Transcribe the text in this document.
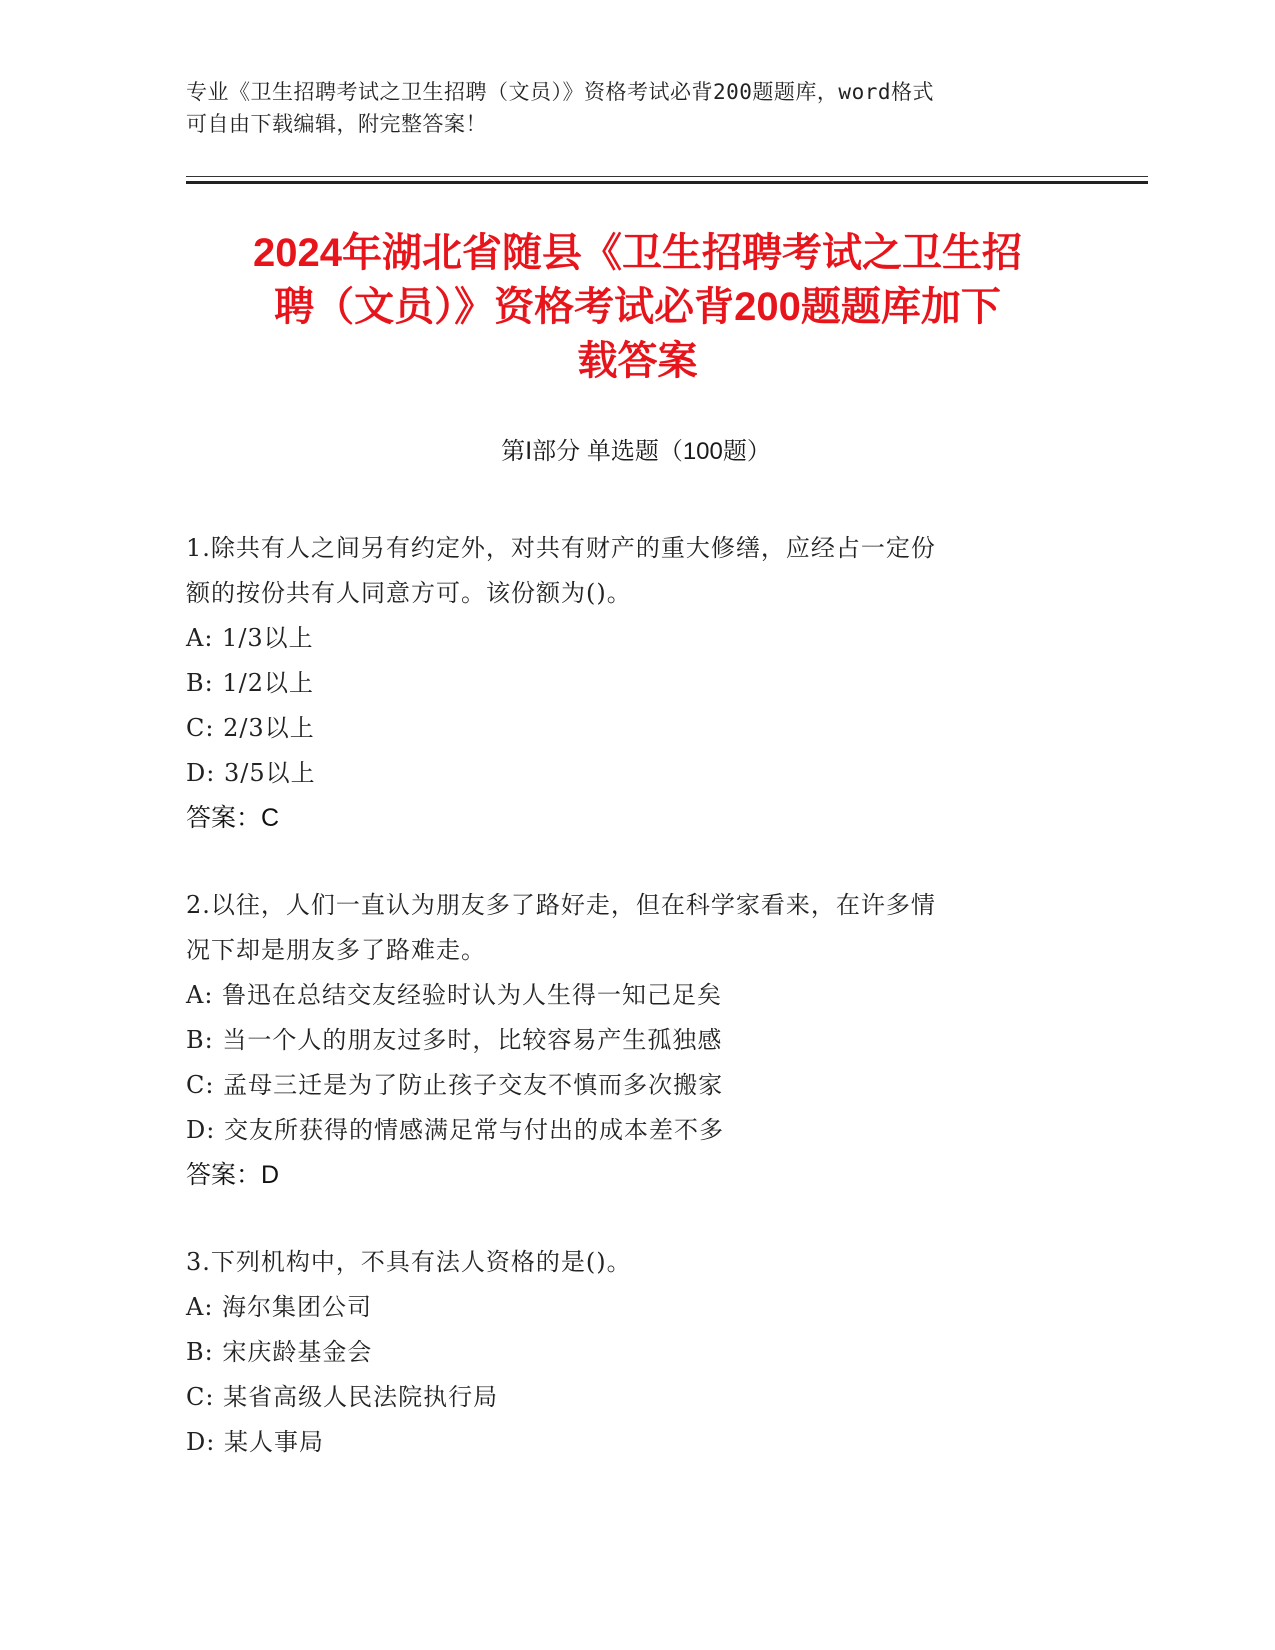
专业《卫生招聘考试之卫生招聘（文员）》资格考试必背200题题库，word格式
可自由下载编辑，附完整答案！
2024年湖北省随县《卫生招聘考试之卫生招
聘（文员）》资格考试必背200题题库加下
载答案
第Ⅰ部分 单选题（100题）
1.除共有人之间另有约定外，对共有财产的重大修缮，应经占一定份
额的按份共有人同意方可。该份额为()。
A: 1/3以上
B: 1/2以上
C: 2/3以上
D: 3/5以上
答案：C
2.以往，人们一直认为朋友多了路好走，但在科学家看来，在许多情
况下却是朋友多了路难走。
A: 鲁迅在总结交友经验时认为人生得一知己足矣
B: 当一个人的朋友过多时，比较容易产生孤独感
C: 孟母三迁是为了防止孩子交友不慎而多次搬家
D: 交友所获得的情感满足常与付出的成本差不多
答案：D
3.下列机构中，不具有法人资格的是()。
A: 海尔集团公司
B: 宋庆龄基金会
C: 某省高级人民法院执行局
D: 某人事局
